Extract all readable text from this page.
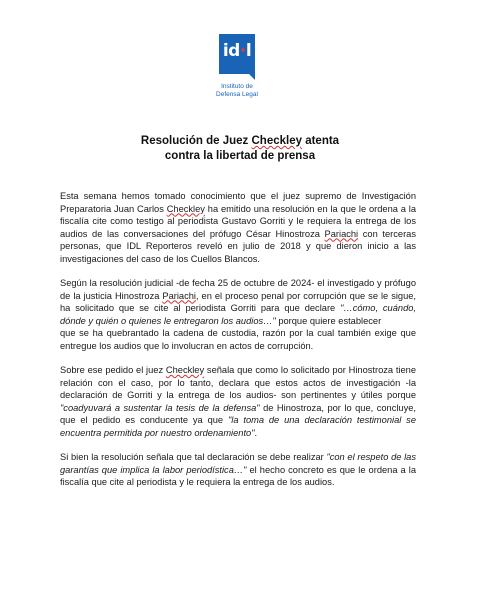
id·l
Instituto de
Defensa Legal
Resolución de Juez Checkley atenta
contra la libertad de prensa

Esta semana hemos tomado conocimiento que el juez supremo de Investigación Preparatoria Juan Carlos Checkley ha emitido una resolución en la que le ordena a la fiscalía cite como testigo al periodista Gustavo Gorriti y le requiera la entrega de los audios de las conversaciones del prófugo César Hinostroza Pariachi con terceras personas, que IDL Reporteros reveló en julio de 2018 y que dieron inicio a las investigaciones del caso de los Cuellos Blancos.

Según la resolución judicial -de fecha 25 de octubre de 2024- el investigado y prófugo de la justicia Hinostroza Pariachi, en el proceso penal por corrupción que se le sigue, ha solicitado que se cite al periodista Gorriti para que declare "…cómo, cuándo, dónde y quién o quienes le entregaron los audios…" porque quiere establecer
que se ha quebrantado la cadena de custodia, razón por la cual también exige que entregue los audios que lo involucran en actos de corrupción.

Sobre ese pedido el juez Checkley señala que como lo solicitado por Hinostroza tiene relación con el caso, por lo tanto, declara que estos actos de investigación -la declaración de Gorriti y la entrega de los audios- son pertinentes y útiles porque "coadyuvará a sustentar la tesis de la defensa" de Hinostroza, por lo que, concluye, que el pedido es conducente ya que "la toma de una declaración testimonial se encuentra permitida por nuestro ordenamiento".

Si bien la resolución señala que tal declaración se debe realizar "con el respeto de las garantías que implica la labor periodística…" el hecho concreto es que le ordena a la fiscalía que cite al periodista y le requiera la entrega de los audios.
